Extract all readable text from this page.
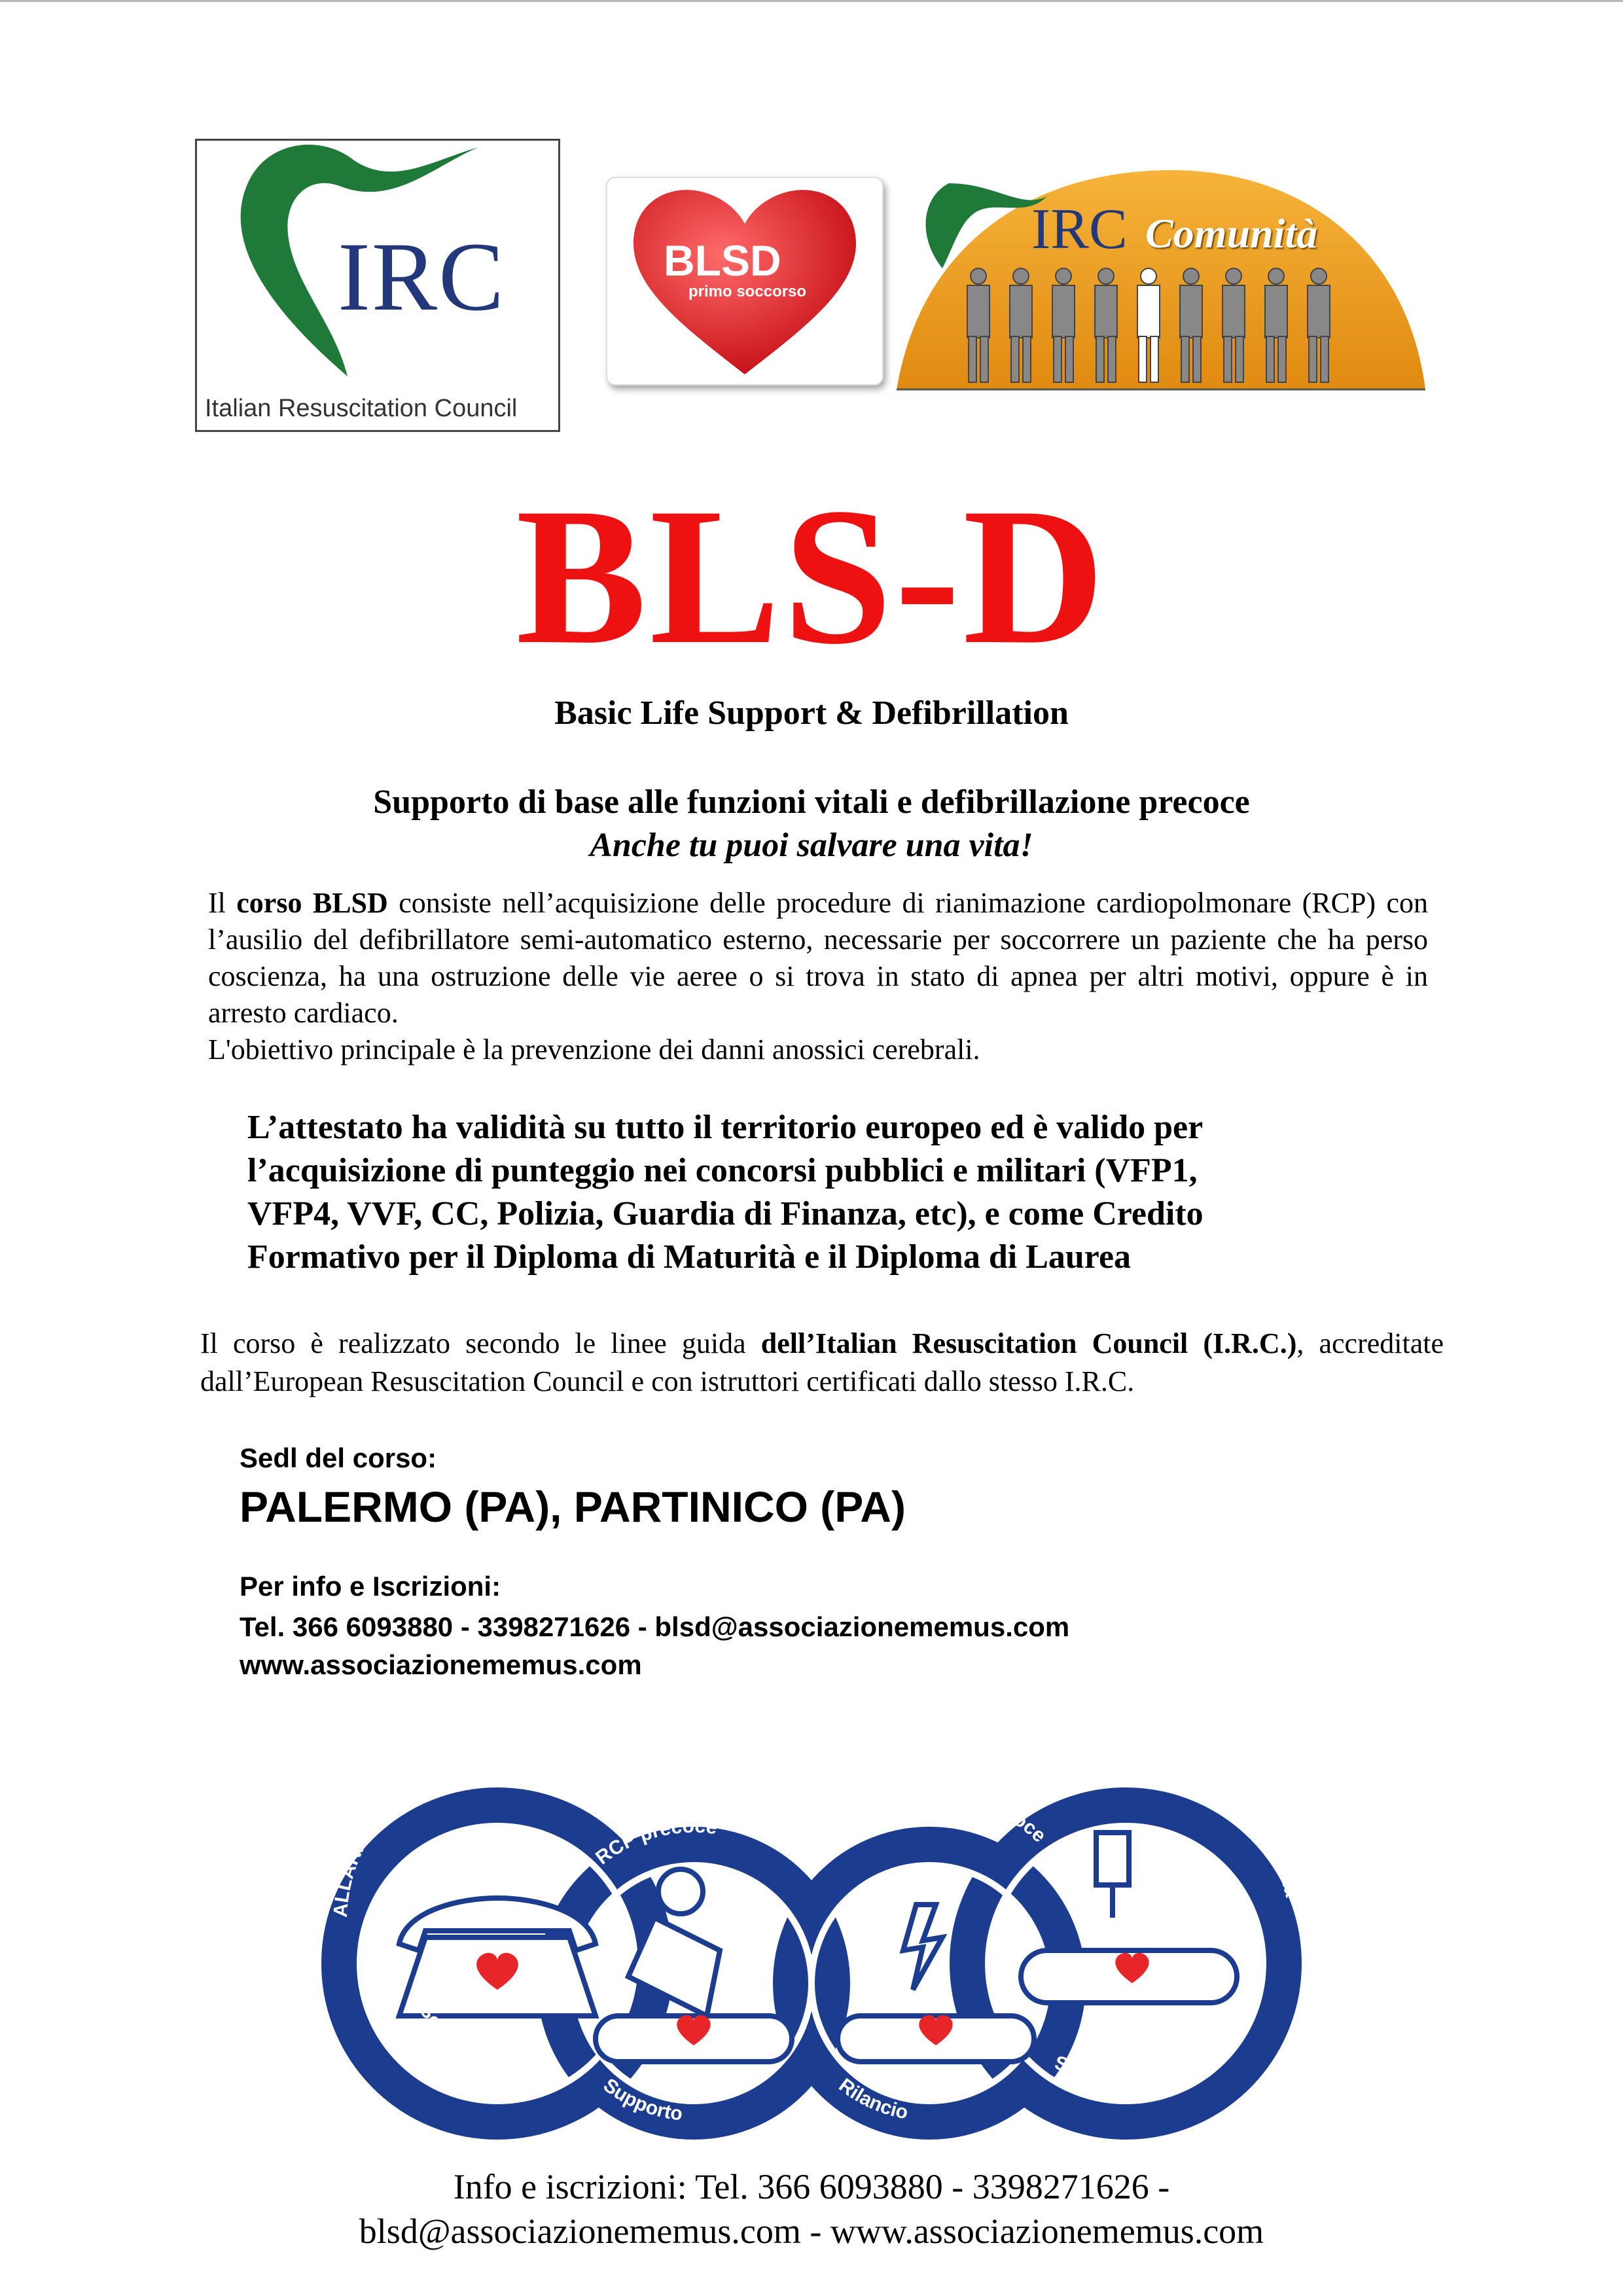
IRC
Italian Resuscitation Council
BLSD
primo soccorso
IRC Comunità
BLS-D
Basic Life Support & Defibrillation
Supporto di base alle funzioni vitali e defibrillazione precoce
Anche tu puoi salvare una vita!

Il corso BLSD consiste nell’acquisizione delle procedure di rianimazione cardiopolmonare (RCP) con l’ausilio del defibrillatore semi-automatico esterno, necessarie per soccorrere un paziente che ha perso coscienza, ha una ostruzione delle vie aeree o si trova in stato di apnea per altri motivi, oppure è in arresto cardiaco.

L'obiettivo principale è la prevenzione dei danni anossici cerebrali.

L’attestato ha validità su tutto il territorio europeo ed è valido per
l’acquisizione di punteggio nei concorsi pubblici e militari (VFP1,
VFP4, VVF, CC, Polizia, Guardia di Finanza, etc), e come Credito
Formativo per il Diploma di Maturità e il Diploma di Laurea
Il corso è realizzato secondo le linee guida dell’Italian Resuscitation Council (I.R.C.), accreditate dall’European Resuscitation Council e con istruttori certificati dallo stesso I.R.C.
Sedl del corso:
PALERMO (PA), PARTINICO (PA)
Per info e Iscrizioni:
Tel. 366 6093880 - 3398271626 - blsd@associazionememus.com
www.associazionememus.com
ALLARME immediato
RCP precoce
DEFIBRILLAZIONE precoce
RIANIMAZIONE Cardiaca avanzata
Soccorso
Supporto
Rilancio
Stabilizzazione
Info e iscrizioni: Tel. 366 6093880 - 3398271626 -
blsd@associazionememus.com - www.associazionememus.com
